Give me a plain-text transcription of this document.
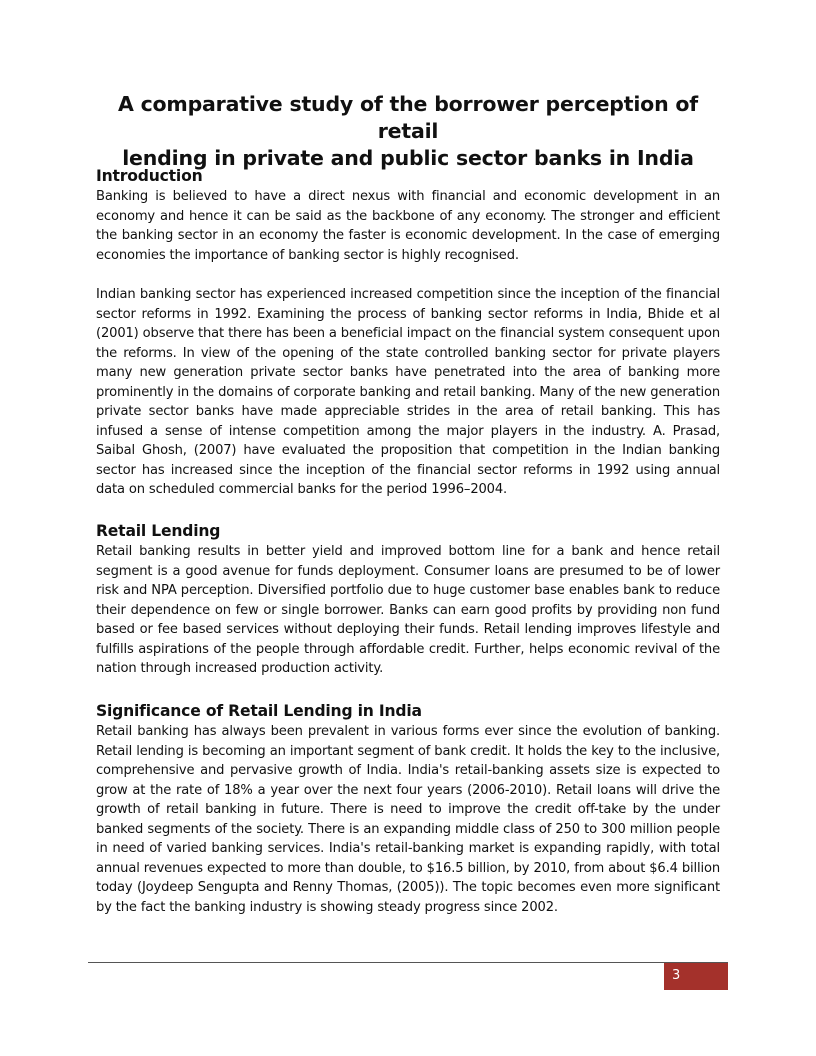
A comparative study of the borrower perception of retail
lending in private and public sector banks in India
Introduction

Banking is believed to have a direct nexus with financial and economic development in an economy and hence it can be said as the backbone of any economy. The stronger and efficient the banking sector in an economy the faster is economic development. In the case of emerging economies the importance of banking sector is highly recognised.

Indian banking sector has experienced increased competition since the inception of the financial sector reforms in 1992. Examining the process of banking sector reforms in India, Bhide et al (2001) observe that there has been a beneficial impact on the financial system consequent upon the reforms. In view of the opening of the state controlled banking sector for private players many new generation private sector banks have penetrated into the area of banking more prominently in the domains of corporate banking and retail banking. Many of the new generation private sector banks have made appreciable strides in the area of retail banking. This has infused a sense of intense competition among the major players in the industry. A. Prasad, Saibal Ghosh, (2007) have evaluated the proposition that competition in the Indian banking sector has increased since the inception of the financial sector reforms in 1992 using annual data on scheduled commercial banks for the period 1996–2004.

Retail Lending

Retail banking results in better yield and improved bottom line for a bank and hence retail segment is a good avenue for funds deployment. Consumer loans are presumed to be of lower risk and NPA perception. Diversified portfolio due to huge customer base enables bank to reduce their dependence on few or single borrower. Banks can earn good profits by providing non fund based or fee based services without deploying their funds. Retail lending improves lifestyle and fulfills aspirations of the people through affordable credit. Further, helps economic revival of the nation through increased production activity.

Significance of Retail Lending in India

Retail banking has always been prevalent in various forms ever since the evolution of banking. Retail lending is becoming an important segment of bank credit. It holds the key to the inclusive, comprehensive and pervasive growth of India. India's retail-banking assets size is expected to grow at the rate of 18% a year over the next four years (2006-2010). Retail loans will drive the growth of retail banking in future. There is need to improve the credit off-take by the under banked segments of the society. There is an expanding middle class of 250 to 300 million people in need of varied banking services. India's retail-banking market is expanding rapidly, with total annual revenues expected to more than double, to $16.5 billion, by 2010, from about $6.4 billion today (Joydeep Sengupta and Renny Thomas, (2005)). The topic becomes even more significant by the fact the banking industry is showing steady progress since 2002.

3
